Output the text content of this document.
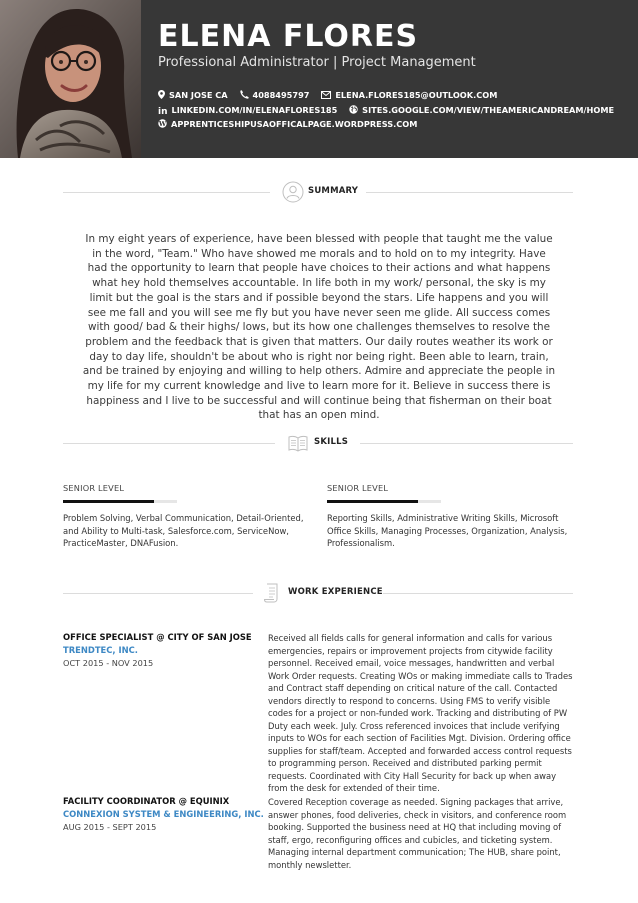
ELENA FLORES
Professional Administrator | Project Management
SAN JOSE CA	4088495797	ELENA.FLORES185@OUTLOOK.COM
in LINKEDIN.COM/IN/ELENAFLORES185	SITES.GOOGLE.COM/VIEW/THEAMERICANDREAM/HOME
W APPRENTICESHIPUSAOFFICALPAGE.WORDPRESS.COM
SUMMARY
In my eight years of experience, have been blessed with people that taught me the value in the word, "Team." Who have showed me morals and to hold on to my integrity. Have had the opportunity to learn that people have choices to their actions and what happens what hey hold themselves accountable. In life both in my work/ personal, the sky is my limit but the goal is the stars and if possible beyond the stars. Life happens and you will see me fall and you will see me fly but you have never seen me glide. All success comes with good/ bad & their highs/ lows, but its how one challenges themselves to resolve the problem and the feedback that is given that matters. Our daily routes weather its work or day to day life, shouldn't be about who is right nor being right. Been able to learn, train, and be trained by enjoying and willing to help others. Admire and appreciate the people in my life for my current knowledge and live to learn more for it. Believe in success there is happiness and I live to be successful and will continue being that fisherman on their boat that has an open mind.
SKILLS
SENIOR LEVEL
Problem Solving, Verbal Communication, Detail-Oriented, and Ability to Multi-task, Salesforce.com, ServiceNow, PracticeMaster, DNAFusion.
SENIOR LEVEL
Reporting Skills, Administrative Writing Skills, Microsoft Office Skills, Managing Processes, Organization, Analysis, Professionalism.
WORK EXPERIENCE
OFFICE SPECIALIST @ CITY OF SAN JOSE
TRENDTEC, INC.
OCT 2015 - NOV 2015
Received all fields calls for general information and calls for various emergencies, repairs or improvement projects from citywide facility personnel. Received email, voice messages, handwritten and verbal Work Order requests. Creating WOs or making immediate calls to Trades and Contract staff depending on critical nature of the call. Contacted vendors directly to respond to concerns. Using FMS to verify visible codes for a project or non-funded work. Tracking and distributing of PW Duty each week. July. Cross referenced invoices that include verifying inputs to WOs for each section of Facilities Mgt. Division. Ordering office supplies for staff/team. Accepted and forwarded access control requests to programming person. Received and distributed parking permit requests. Coordinated with City Hall Security for back up when away from the desk for extended of their time.
FACILITY COORDINATOR @ EQUINIX
CONNEXION SYSTEM & ENGINEERING, INC.
AUG 2015 - SEPT 2015
Covered Reception coverage as needed. Signing packages that arrive, answer phones, food deliveries, check in visitors, and conference room booking. Supported the business need at HQ that including moving of staff, ergo, reconfiguring offices and cubicles, and ticketing system. Managing internal department communication; The HUB, share point, monthly newsletter.
